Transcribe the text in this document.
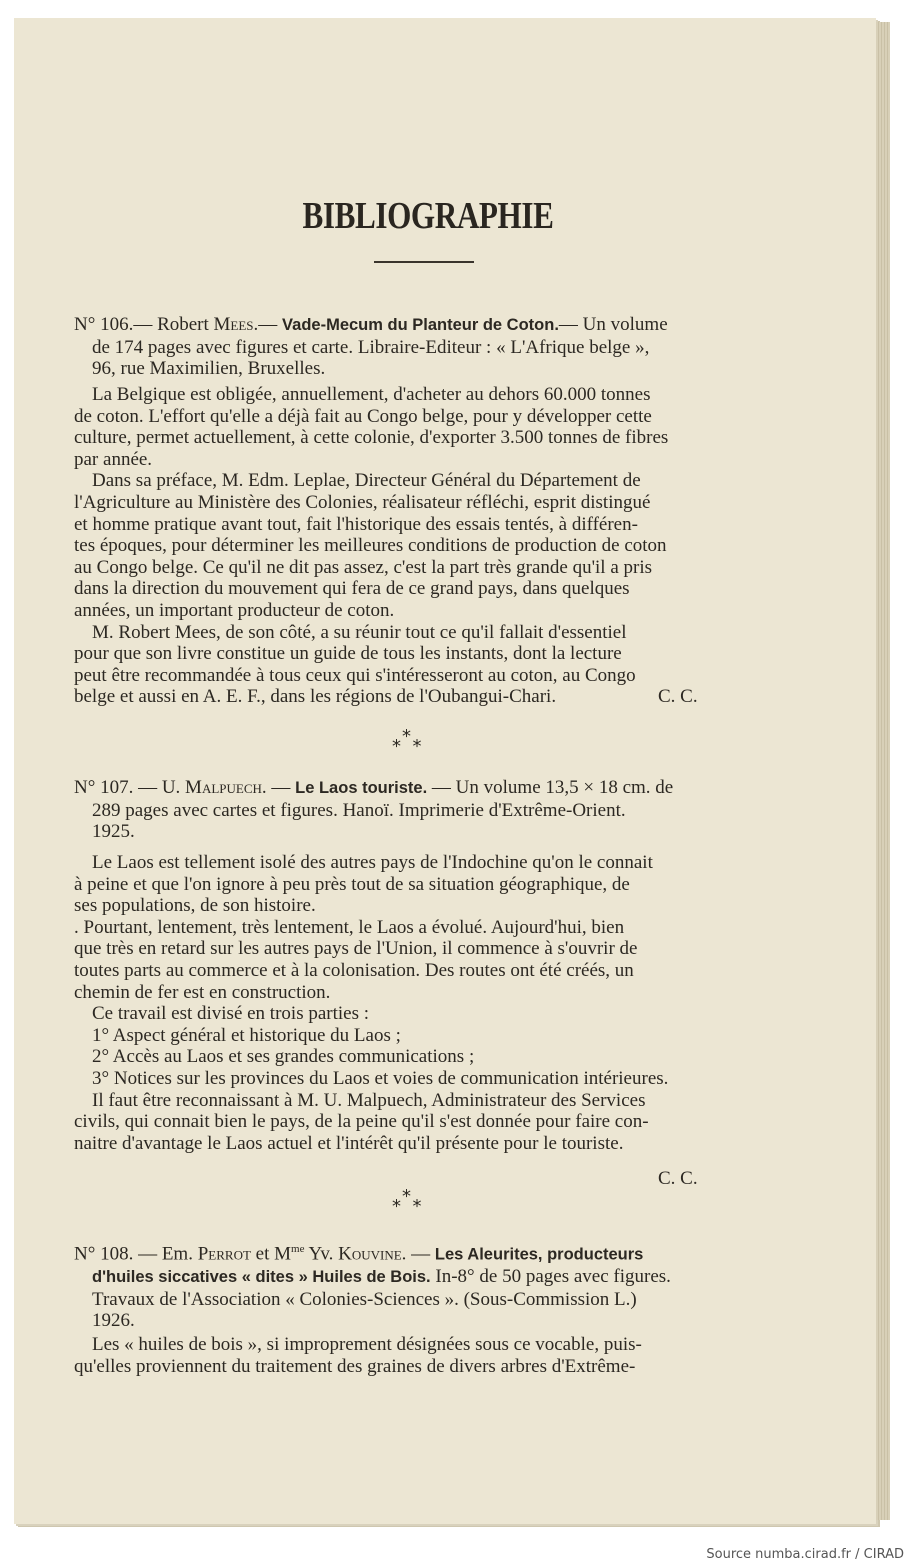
BIBLIOGRAPHIE
N° 106.— Robert Mees.— Vade-Mecum du Planteur de Coton.— Un volume
de 174 pages avec figures et carte. Libraire-Editeur : « L'Afrique belge »,
96, rue Maximilien, Bruxelles.
La Belgique est obligée, annuellement, d'acheter au dehors 60.000 tonnes
de coton. L'effort qu'elle a déjà fait au Congo belge, pour y développer cette
culture, permet actuellement, à cette colonie, d'exporter 3.500 tonnes de fibres
par année.
Dans sa préface, M. Edm. Leplae, Directeur Général du Département de
l'Agriculture au Ministère des Colonies, réalisateur réfléchi, esprit distingué
et homme pratique avant tout, fait l'historique des essais tentés, à différen-
tes époques, pour déterminer les meilleures conditions de production de coton
au Congo belge. Ce qu'il ne dit pas assez, c'est la part très grande qu'il a pris
dans la direction du mouvement qui fera de ce grand pays, dans quelques
années, un important producteur de coton.
M. Robert Mees, de son côté, a su réunir tout ce qu'il fallait d'essentiel
pour que son livre constitue un guide de tous les instants, dont la lecture
peut être recommandée à tous ceux qui s'intéresseront au coton, au Congo
belge et aussi en A. E. F., dans les régions de l'Oubangui-Chari.	C. C.
*
* *
N° 107. — U. Malpuech. — Le Laos touriste. — Un volume 13,5 × 18 cm. de
289 pages avec cartes et figures. Hanoï. Imprimerie d'Extrême-Orient.
1925.
Le Laos est tellement isolé des autres pays de l'Indochine qu'on le connait
à peine et que l'on ignore à peu près tout de sa situation géographique, de
ses populations, de son histoire.
. Pourtant, lentement, très lentement, le Laos a évolué. Aujourd'hui, bien
que très en retard sur les autres pays de l'Union, il commence à s'ouvrir de
toutes parts au commerce et à la colonisation. Des routes ont été créés, un
chemin de fer est en construction.
Ce travail est divisé en trois parties :
1° Aspect général et historique du Laos ;
2° Accès au Laos et ses grandes communications ;
3° Notices sur les provinces du Laos et voies de communication intérieures.
Il faut être reconnaissant à M. U. Malpuech, Administrateur des Services
civils, qui connait bien le pays, de la peine qu'il s'est donnée pour faire con-
naitre d'avantage le Laos actuel et l'intérêt qu'il présente pour le touriste.
C. C.
*
* *
N° 108. — Em. Perrot et $M^{me}$ Yv. Kouvine. — Les Aleurites, producteurs
d'huiles siccatives « dites » Huiles de Bois. In-8° de 50 pages avec figures.
Travaux de l'Association « Colonies-Sciences ». (Sous-Commission L.)
1926.
Les « huiles de bois », si improprement désignées sous ce vocable, puis-
qu'elles proviennent du traitement des graines de divers arbres d'Extrême-
Source numba.cirad.fr / CIRAD
